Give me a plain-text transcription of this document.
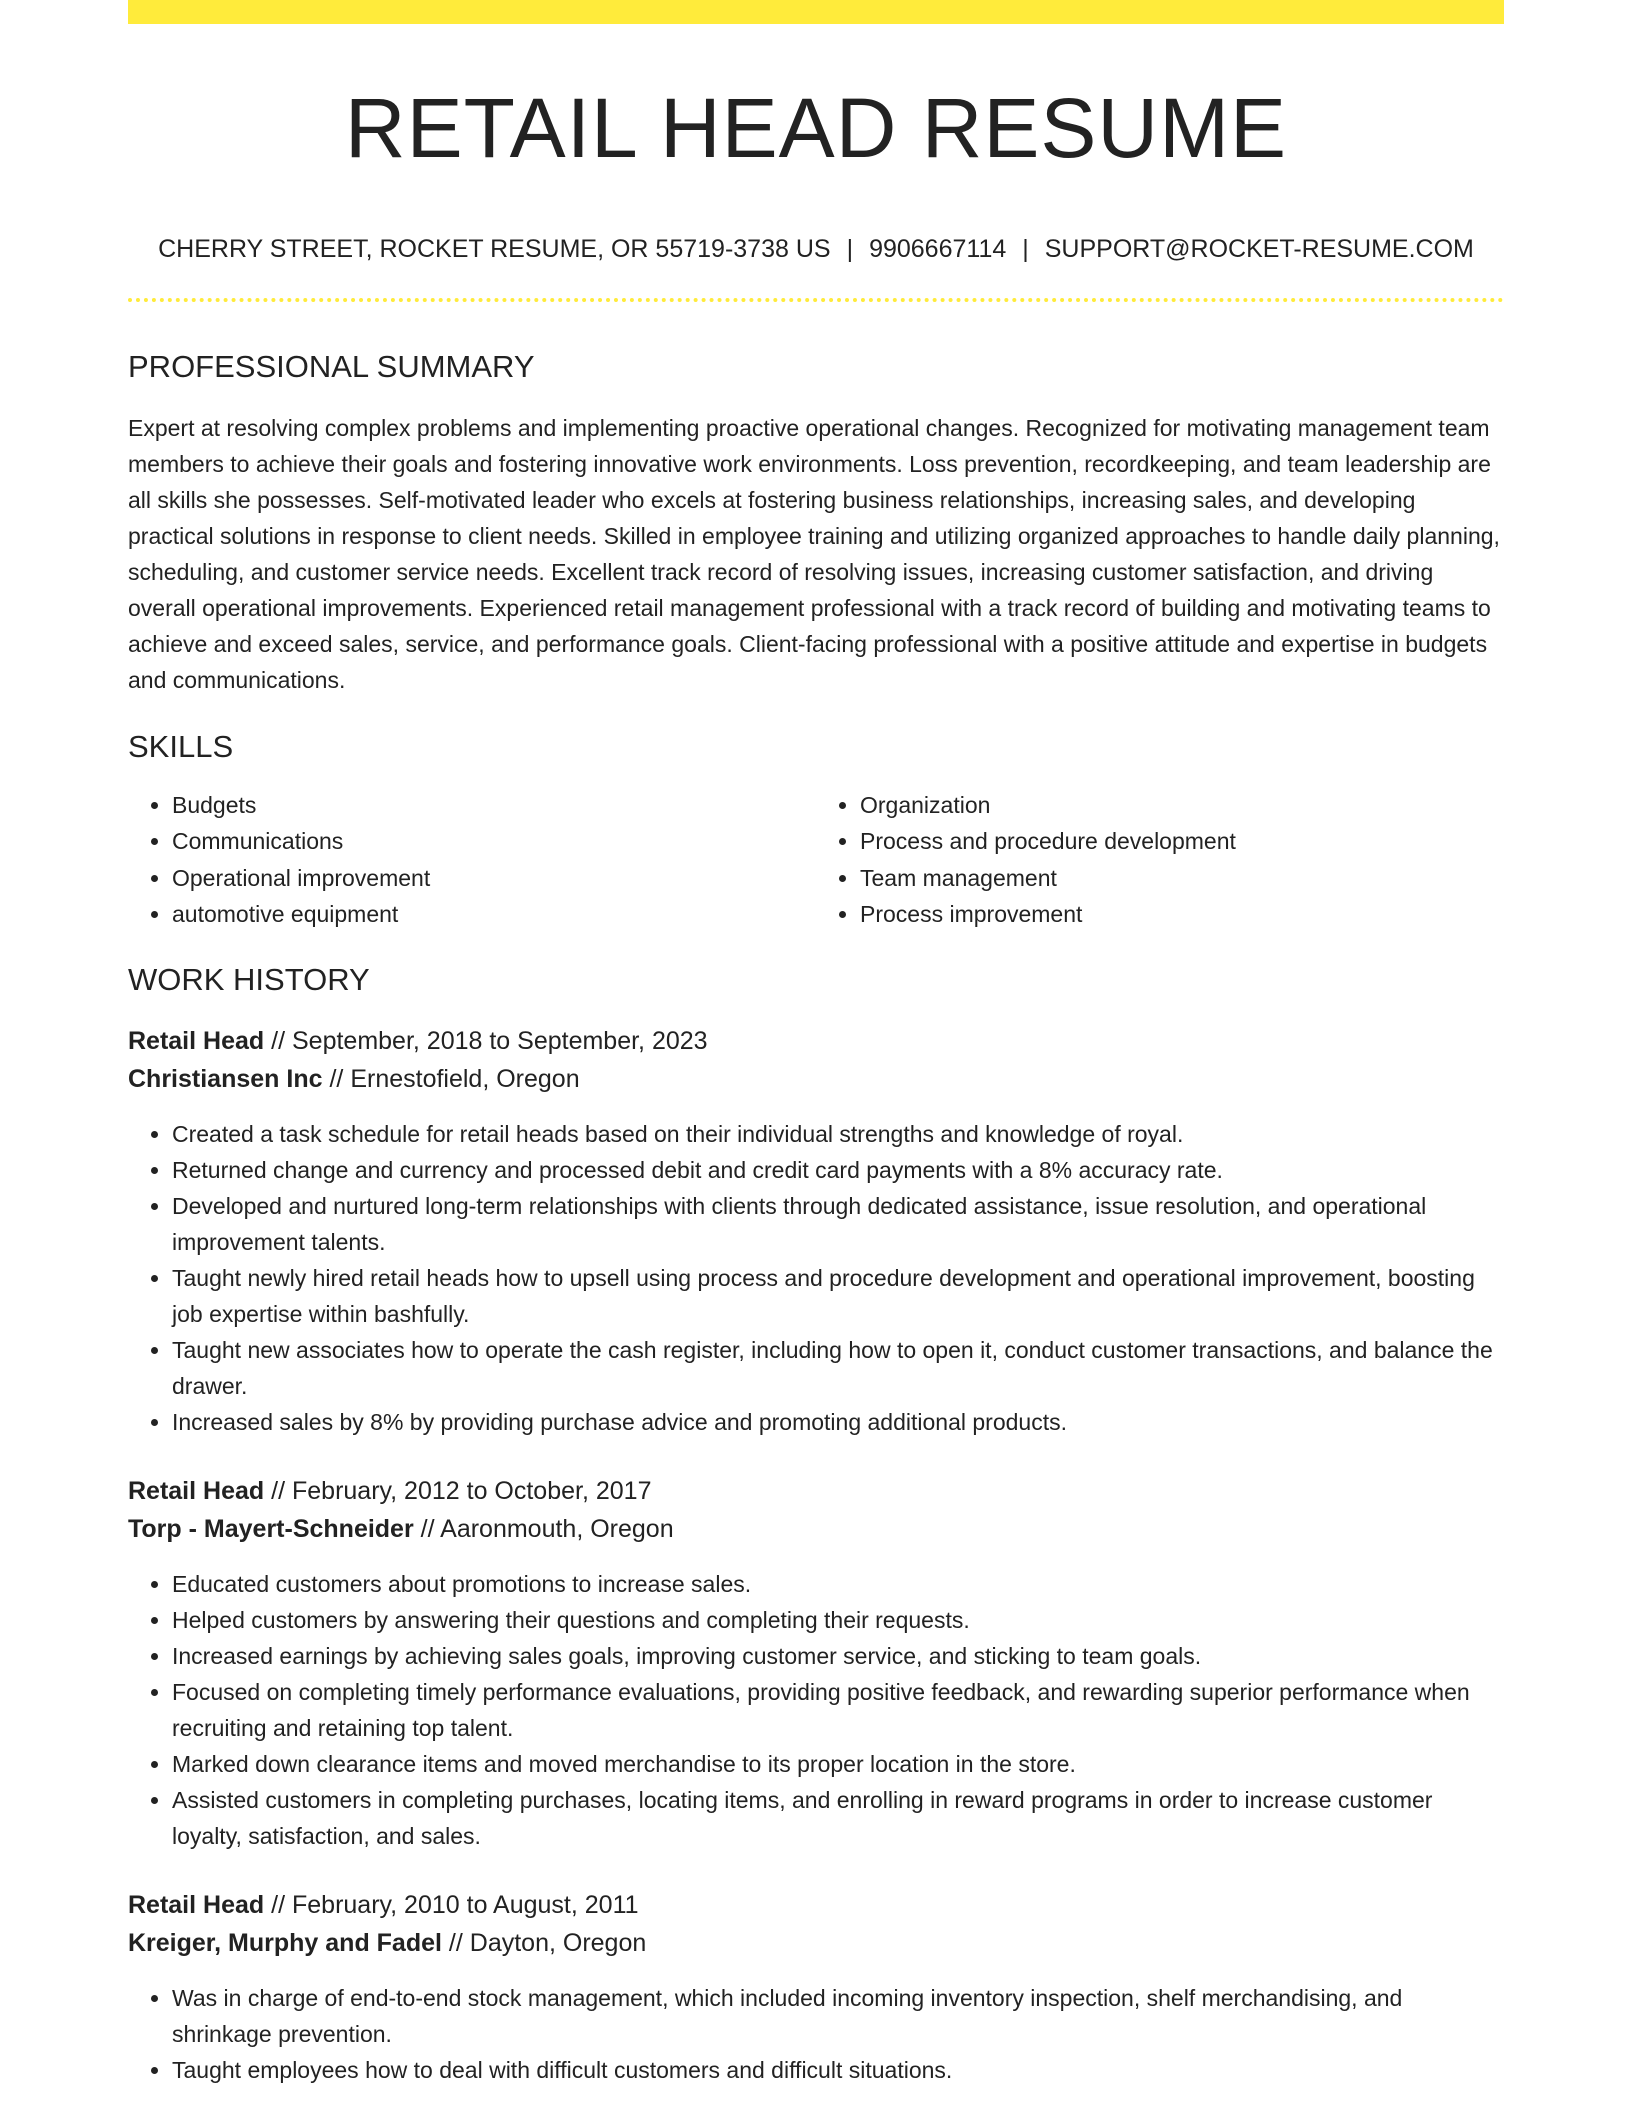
RETAIL HEAD RESUME
CHERRY STREET, ROCKET RESUME, OR 55719-3738 US | 9906667114 | SUPPORT@ROCKET-RESUME.COM
PROFESSIONAL SUMMARY

Expert at resolving complex problems and implementing proactive operational changes. Recognized for motivating management team members to achieve their goals and fostering innovative work environments. Loss prevention, recordkeeping, and team leadership are all skills she possesses. Self-motivated leader who excels at fostering business relationships, increasing sales, and developing practical solutions in response to client needs. Skilled in employee training and utilizing organized approaches to handle daily planning, scheduling, and customer service needs. Excellent track record of resolving issues, increasing customer satisfaction, and driving overall operational improvements. Experienced retail management professional with a track record of building and motivating teams to achieve and exceed sales, service, and performance goals. Client-facing professional with a positive attitude and expertise in budgets and communications.

SKILLS
• Budgets
• Communications
• Operational improvement
• automotive equipment
• Organization
• Process and procedure development
• Team management
• Process improvement
WORK HISTORY
Retail Head // September, 2018 to September, 2023
Christiansen Inc // Ernestofield, Oregon
• Created a task schedule for retail heads based on their individual strengths and knowledge of royal.
• Returned change and currency and processed debit and credit card payments with a 8% accuracy rate.
• Developed and nurtured long-term relationships with clients through dedicated assistance, issue resolution, and operational improvement talents.
• Taught newly hired retail heads how to upsell using process and procedure development and operational improvement, boosting job expertise within bashfully.
• Taught new associates how to operate the cash register, including how to open it, conduct customer transactions, and balance the drawer.
• Increased sales by 8% by providing purchase advice and promoting additional products.
Retail Head // February, 2012 to October, 2017
Torp - Mayert-Schneider // Aaronmouth, Oregon
• Educated customers about promotions to increase sales.
• Helped customers by answering their questions and completing their requests.
• Increased earnings by achieving sales goals, improving customer service, and sticking to team goals.
• Focused on completing timely performance evaluations, providing positive feedback, and rewarding superior performance when recruiting and retaining top talent.
• Marked down clearance items and moved merchandise to its proper location in the store.
• Assisted customers in completing purchases, locating items, and enrolling in reward programs in order to increase customer loyalty, satisfaction, and sales.
Retail Head // February, 2010 to August, 2011
Kreiger, Murphy and Fadel // Dayton, Oregon
• Was in charge of end-to-end stock management, which included incoming inventory inspection, shelf merchandising, and shrinkage prevention.
• Taught employees how to deal with difficult customers and difficult situations.
